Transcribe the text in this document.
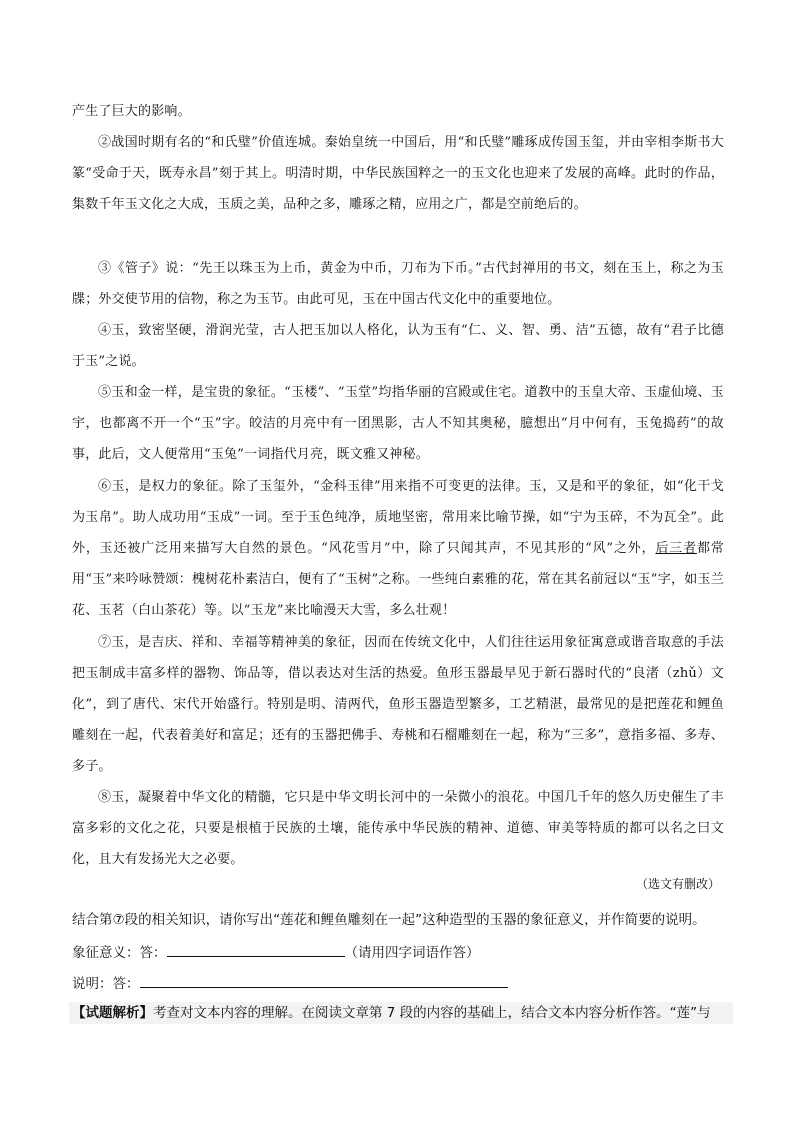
产生了巨大的影响。

②战国时期有名的“和氏璧”价值连城。秦始皇统一中国后，用“和氏璧”雕琢成传国玉玺，并由宰相李斯书大篆“受命于天，既寿永昌”刻于其上。明清时期，中华民族国粹之一的玉文化也迎来了发展的高峰。此时的作品，集数千年玉文化之大成，玉质之美，品种之多，雕琢之精，应用之广，都是空前绝后的。

③《管子》说：“先王以珠玉为上币，黄金为中币，刀布为下币。”古代封禅用的书文，刻在玉上，称之为玉牒；外交使节用的信物，称之为玉节。由此可见，玉在中国古代文化中的重要地位。

④玉，致密坚硬，滑润光莹，古人把玉加以人格化，认为玉有“仁、义、智、勇、洁”五德，故有“君子比德于玉”之说。

⑤玉和金一样，是宝贵的象征。“玉楼”、“玉堂”均指华丽的宫殿或住宅。道教中的玉皇大帝、玉虚仙境、玉宇，也都离不开一个“玉”字。皎洁的月亮中有一团黑影，古人不知其奥秘，臆想出“月中何有，玉兔捣药”的故事，此后，文人便常用“玉兔”一词指代月亮，既文雅又神秘。

⑥玉，是权力的象征。除了玉玺外，“金科玉律”用来指不可变更的法律。玉，又是和平的象征，如“化干戈为玉帛”。助人成功用“玉成”一词。至于玉色纯净，质地坚密，常用来比喻节操，如“宁为玉碎，不为瓦全”。此外，玉还被广泛用来描写大自然的景色。“风花雪月”中，除了只闻其声，不见其形的“风”之外，后三者都常用“玉”来吟咏赞颂：槐树花朴素洁白，便有了“玉树”之称。一些纯白素雅的花，常在其名前冠以“玉”字，如玉兰花、玉茗（白山茶花）等。以“玉龙”来比喻漫天大雪，多么壮观！

⑦玉，是吉庆、祥和、幸福等精神美的象征，因而在传统文化中，人们往往运用象征寓意或谐音取意的手法把玉制成丰富多样的器物、饰品等，借以表达对生活的热爱。鱼形玉器最早见于新石器时代的“良渚（zhǔ）文化”，到了唐代、宋代开始盛行。特别是明、清两代，鱼形玉器造型繁多，工艺精湛，最常见的是把莲花和鲤鱼雕刻在一起，代表着美好和富足；还有的玉器把佛手、寿桃和石榴雕刻在一起，称为“三多”，意指多福、多寿、多子。

⑧玉，凝聚着中华文化的精髓，它只是中华文明长河中的一朵微小的浪花。中国几千年的悠久历史催生了丰富多彩的文化之花，只要是根植于民族的土壤，能传承中华民族的精神、道德、审美等特质的都可以名之曰文化，且大有发扬光大之必要。

（选文有删改）

结合第⑦段的相关知识，请你写出“莲花和鲤鱼雕刻在一起”这种造型的玉器的象征意义，并作简要的说明。

象征意义：答：	（请用四字词语作答）

说明：答：

【试题解析】考查对文本内容的理解。在阅读文章第 7 段的内容的基础上，结合文本内容分析作答。“莲”与
